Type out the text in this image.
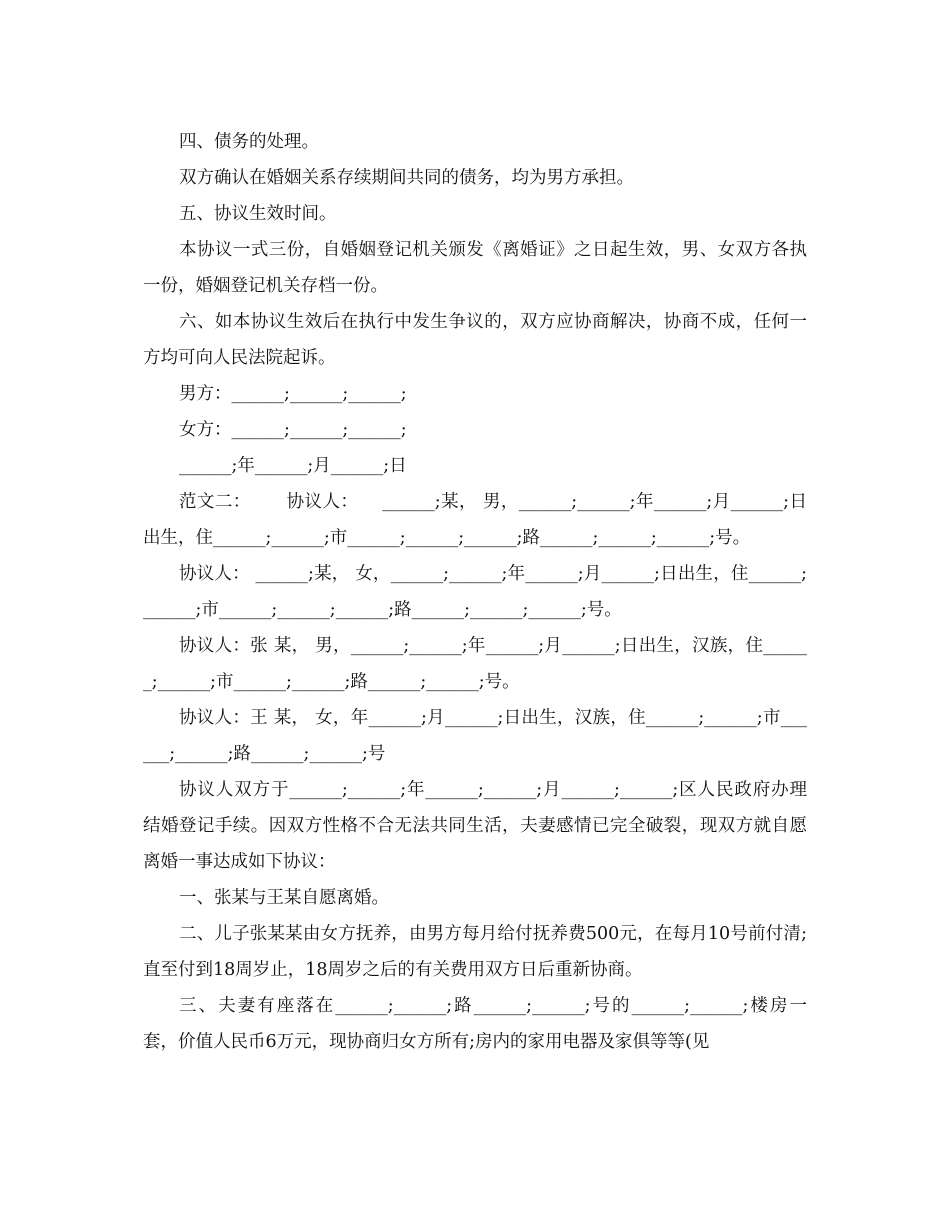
四、债务的处理。

双方确认在婚姻关系存续期间共同的债务，均为男方承担。

五、协议生效时间。

本协议一式三份，自婚姻登记机关颁发《离婚证》之日起生效，男、女双方各执一份，婚姻登记机关存档一份。

六、如本协议生效后在执行中发生争议的，双方应协商解决，协商不成，任何一方均可向人民法院起诉。

男方：______;______;______;

女方：______;______;______;

______;年______;月______;日

范文二：      协议人：    ______;某， 男，______;______;年______;月______;日出生，住______;______;市______;______;______;路______;______;______;号。

协议人： ______;某， 女，______;______;年______;月______;日出生，住______;______;市______;______;______;路______;______;______;号。

协议人：张 某， 男，______;______;年______;月______;日出生，汉族，住______;______;市______;______;路______;______;号。

协议人：王 某， 女，年______;月______;日出生，汉族，住______;______;市______;______;路______;______;号

协议人双方于______;______;年______;______;月______;______;区人民政府办理结婚登记手续。因双方性格不合无法共同生活，夫妻感情已完全破裂，现双方就自愿离婚一事达成如下协议：

一、张某与王某自愿离婚。

二、儿子张某某由女方抚养，由男方每月给付抚养费500元，在每月10号前付清;直至付到18周岁止，18周岁之后的有关费用双方日后重新协商。

三、夫妻有座落在______;______;路______;______;号的______;______;楼房一套，价值人民币6万元，现协商归女方所有;房内的家用电器及家俱等等(见
